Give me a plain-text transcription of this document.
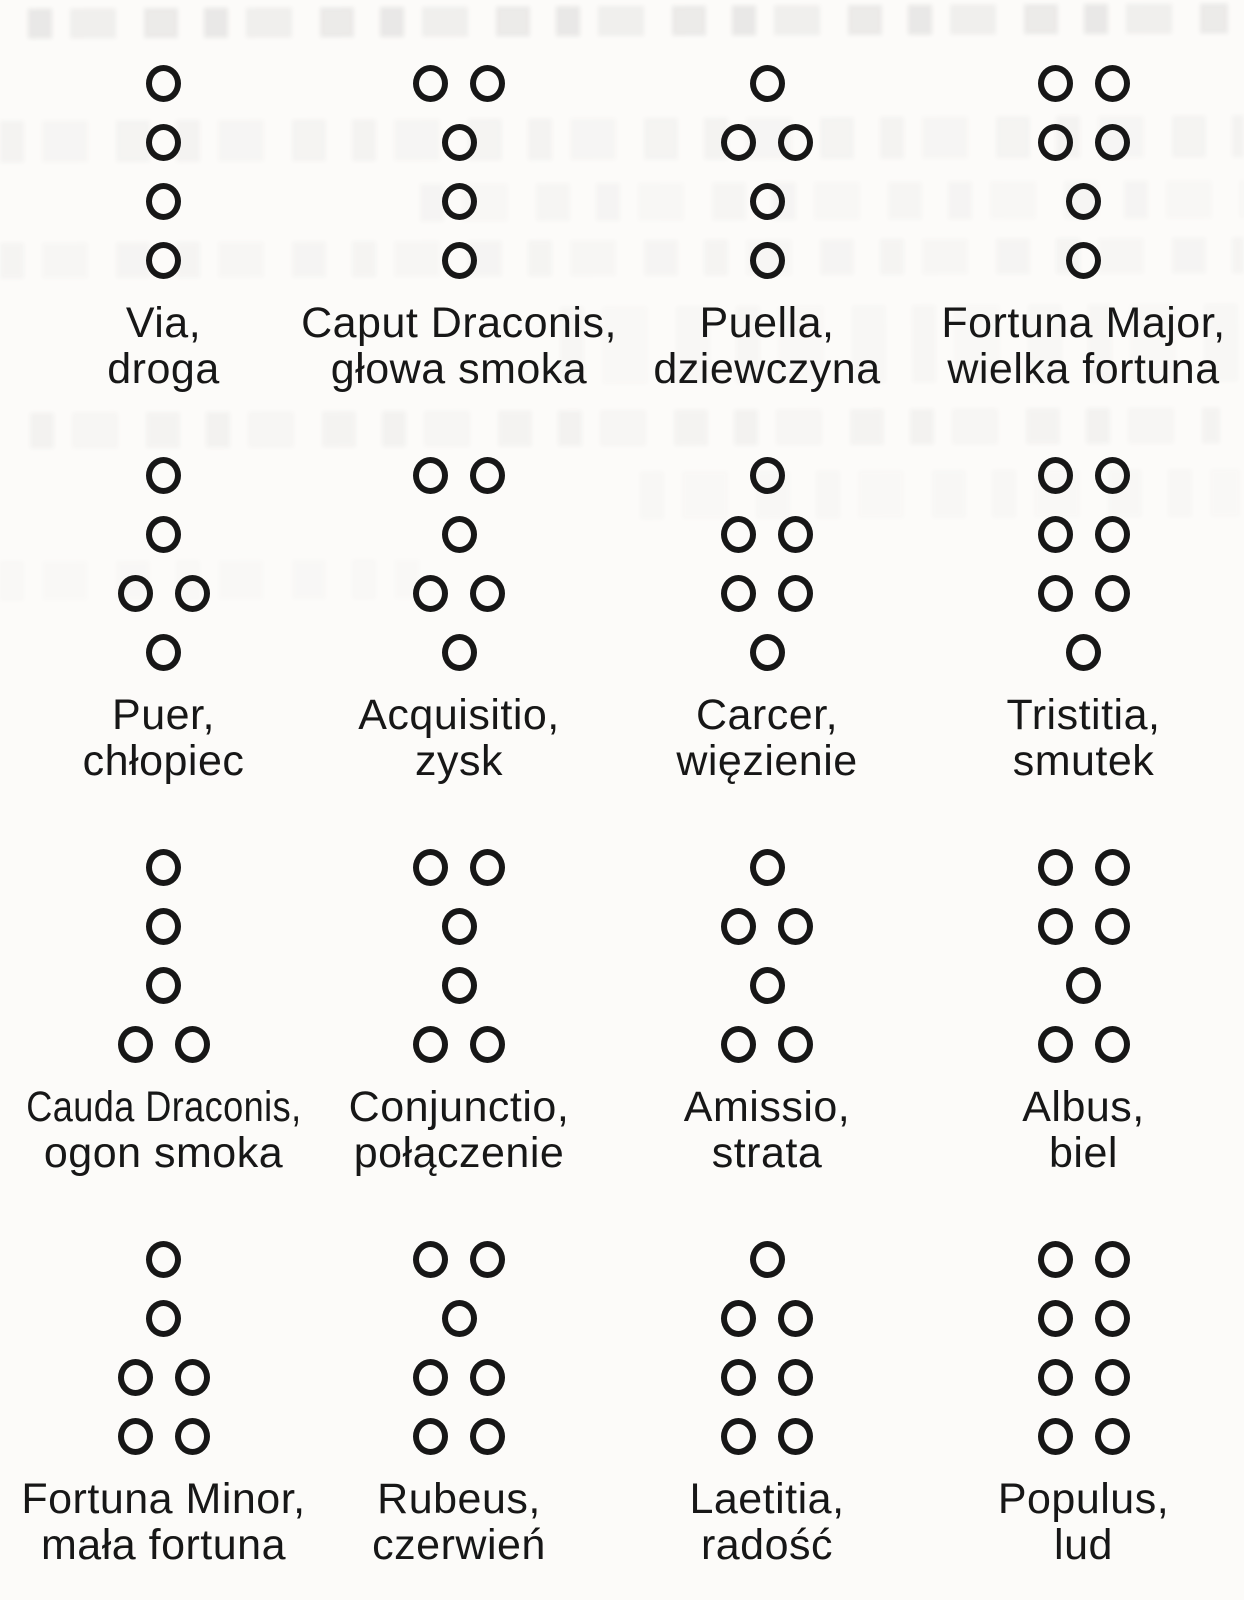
Via,
droga
Caput Draconis,
głowa smoka
Puella,
dziewczyna
Fortuna Major,
wielka fortuna
Puer,
chłopiec
Acquisitio,
zysk
Carcer,
więzienie
Tristitia,
smutek
Cauda Draconis,
ogon smoka
Conjunctio,
połączenie
Amissio,
strata
Albus,
biel
Fortuna Minor,
mała fortuna
Rubeus,
czerwień
Laetitia,
radość
Populus,
lud
